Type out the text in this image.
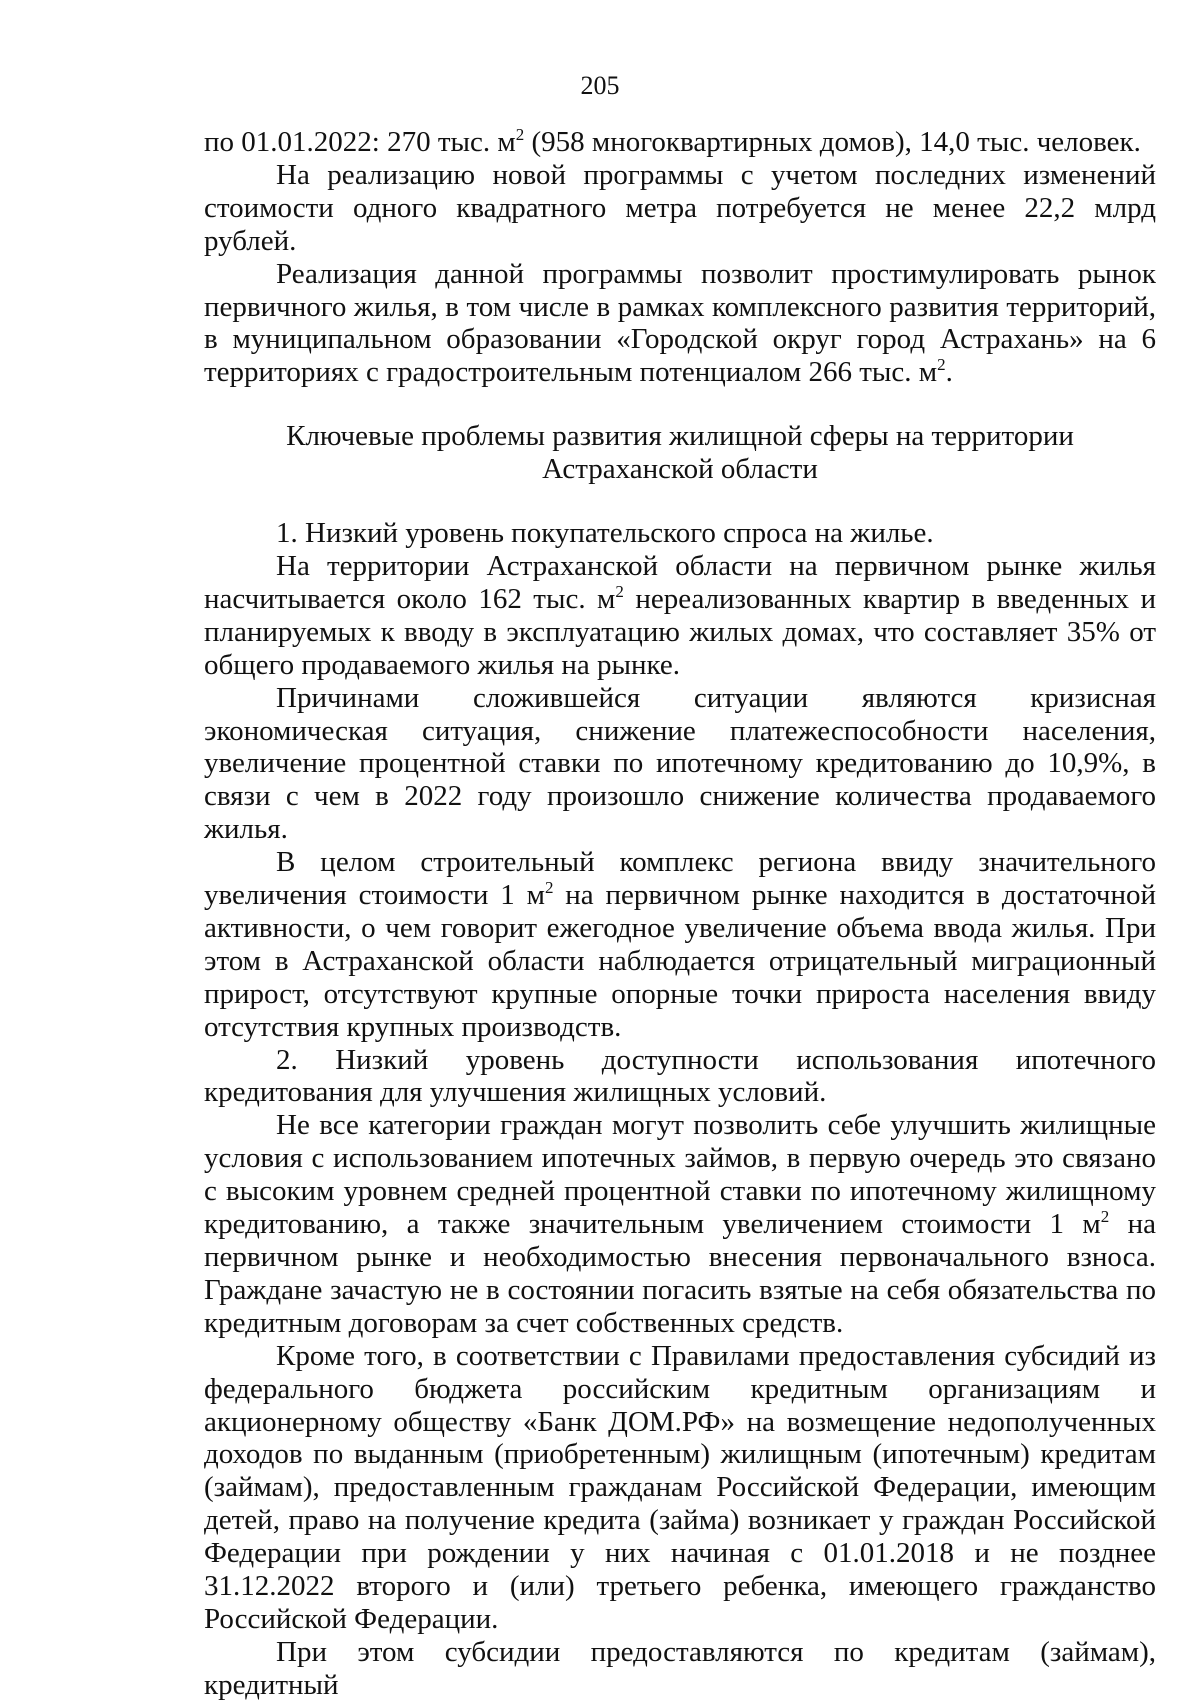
205

по 01.01.2022: 270 тыс. $м^2$ (958 многоквартирных домов), 14,0 тыс. человек.

На реализацию новой программы с учетом последних изменений стоимости одного квадратного метра потребуется не менее 22,2 млрд рублей.

Реализация данной программы позволит простимулировать рынок первичного жилья, в том числе в рамках комплексного развития территорий, в муниципальном образовании «Городской округ город Астрахань» на 6 территориях с градостроительным потенциалом 266 тыс. $м^2$.

Ключевые проблемы развития жилищной сферы на территории Астраханской области

1. Низкий уровень покупательского спроса на жилье.

На территории Астраханской области на первичном рынке жилья насчитывается около 162 тыс. $м^2$ нереализованных квартир в введенных и планируемых к вводу в эксплуатацию жилых домах, что составляет 35% от общего продаваемого жилья на рынке.

Причинами сложившейся ситуации являются кризисная экономическая ситуация, снижение платежеспособности населения, увеличение процентной ставки по ипотечному кредитованию до 10,9%, в связи с чем в 2022 году произошло снижение количества продаваемого жилья.

В целом строительный комплекс региона ввиду значительного увеличения стоимости 1 $м^2$ на первичном рынке находится в достаточной активности, о чем говорит ежегодное увеличение объема ввода жилья. При этом в Астраханской области наблюдается отрицательный миграционный прирост, отсутствуют крупные опорные точки прироста населения ввиду отсутствия крупных производств.

2. Низкий уровень доступности использования ипотечного кредитования для улучшения жилищных условий.

Не все категории граждан могут позволить себе улучшить жилищные условия с использованием ипотечных займов, в первую очередь это связано с высоким уровнем средней процентной ставки по ипотечному жилищному кредитованию, а также значительным увеличением стоимости 1 $м^2$ на первичном рынке и необходимостью внесения первоначального взноса. Граждане зачастую не в состоянии погасить взятые на себя обязательства по кредитным договорам за счет собственных средств.

Кроме того, в соответствии с Правилами предоставления субсидий из федерального бюджета российским кредитным организациям и акционерному обществу «Банк ДОМ.РФ» на возмещение недополученных доходов по выданным (приобретенным) жилищным (ипотечным) кредитам (займам), предоставленным гражданам Российской Федерации, имеющим детей, право на получение кредита (займа) возникает у граждан Российской Федерации при рождении у них начиная с 01.01.2018 и не позднее 31.12.2022 второго и (или) третьего ребенка, имеющего гражданство Российской Федерации.

При этом субсидии предоставляются по кредитам (займам), кредитный
